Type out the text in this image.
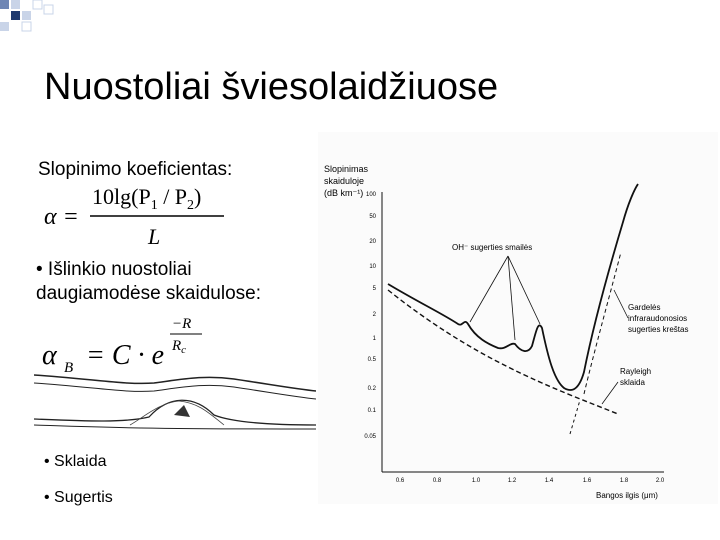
Nuostoliai šviesolaidžiuose
Slopinimo koeficientas:
α =
$10\lg(P_1 / P_2)$
L
• Išlinkio nuostoliai
daugiamodėse skaidulose:
α B = C · e
−R
$R_c$
• Sklaida
• Sugertis
Slopinimas
skaiduloje
(dB km⁻¹) 100
50
20
10
5
2
1
0.5
0.2
0.1
0.05
0.6	0.8	1.0	1.2	1.4	1.6	1.8	2.0
OH⁻ sugerties smailės
Gardelės
infraraudonosios
sugerties kreštas
Rayleigh
sklaida
Bangos ilgis (μm)
